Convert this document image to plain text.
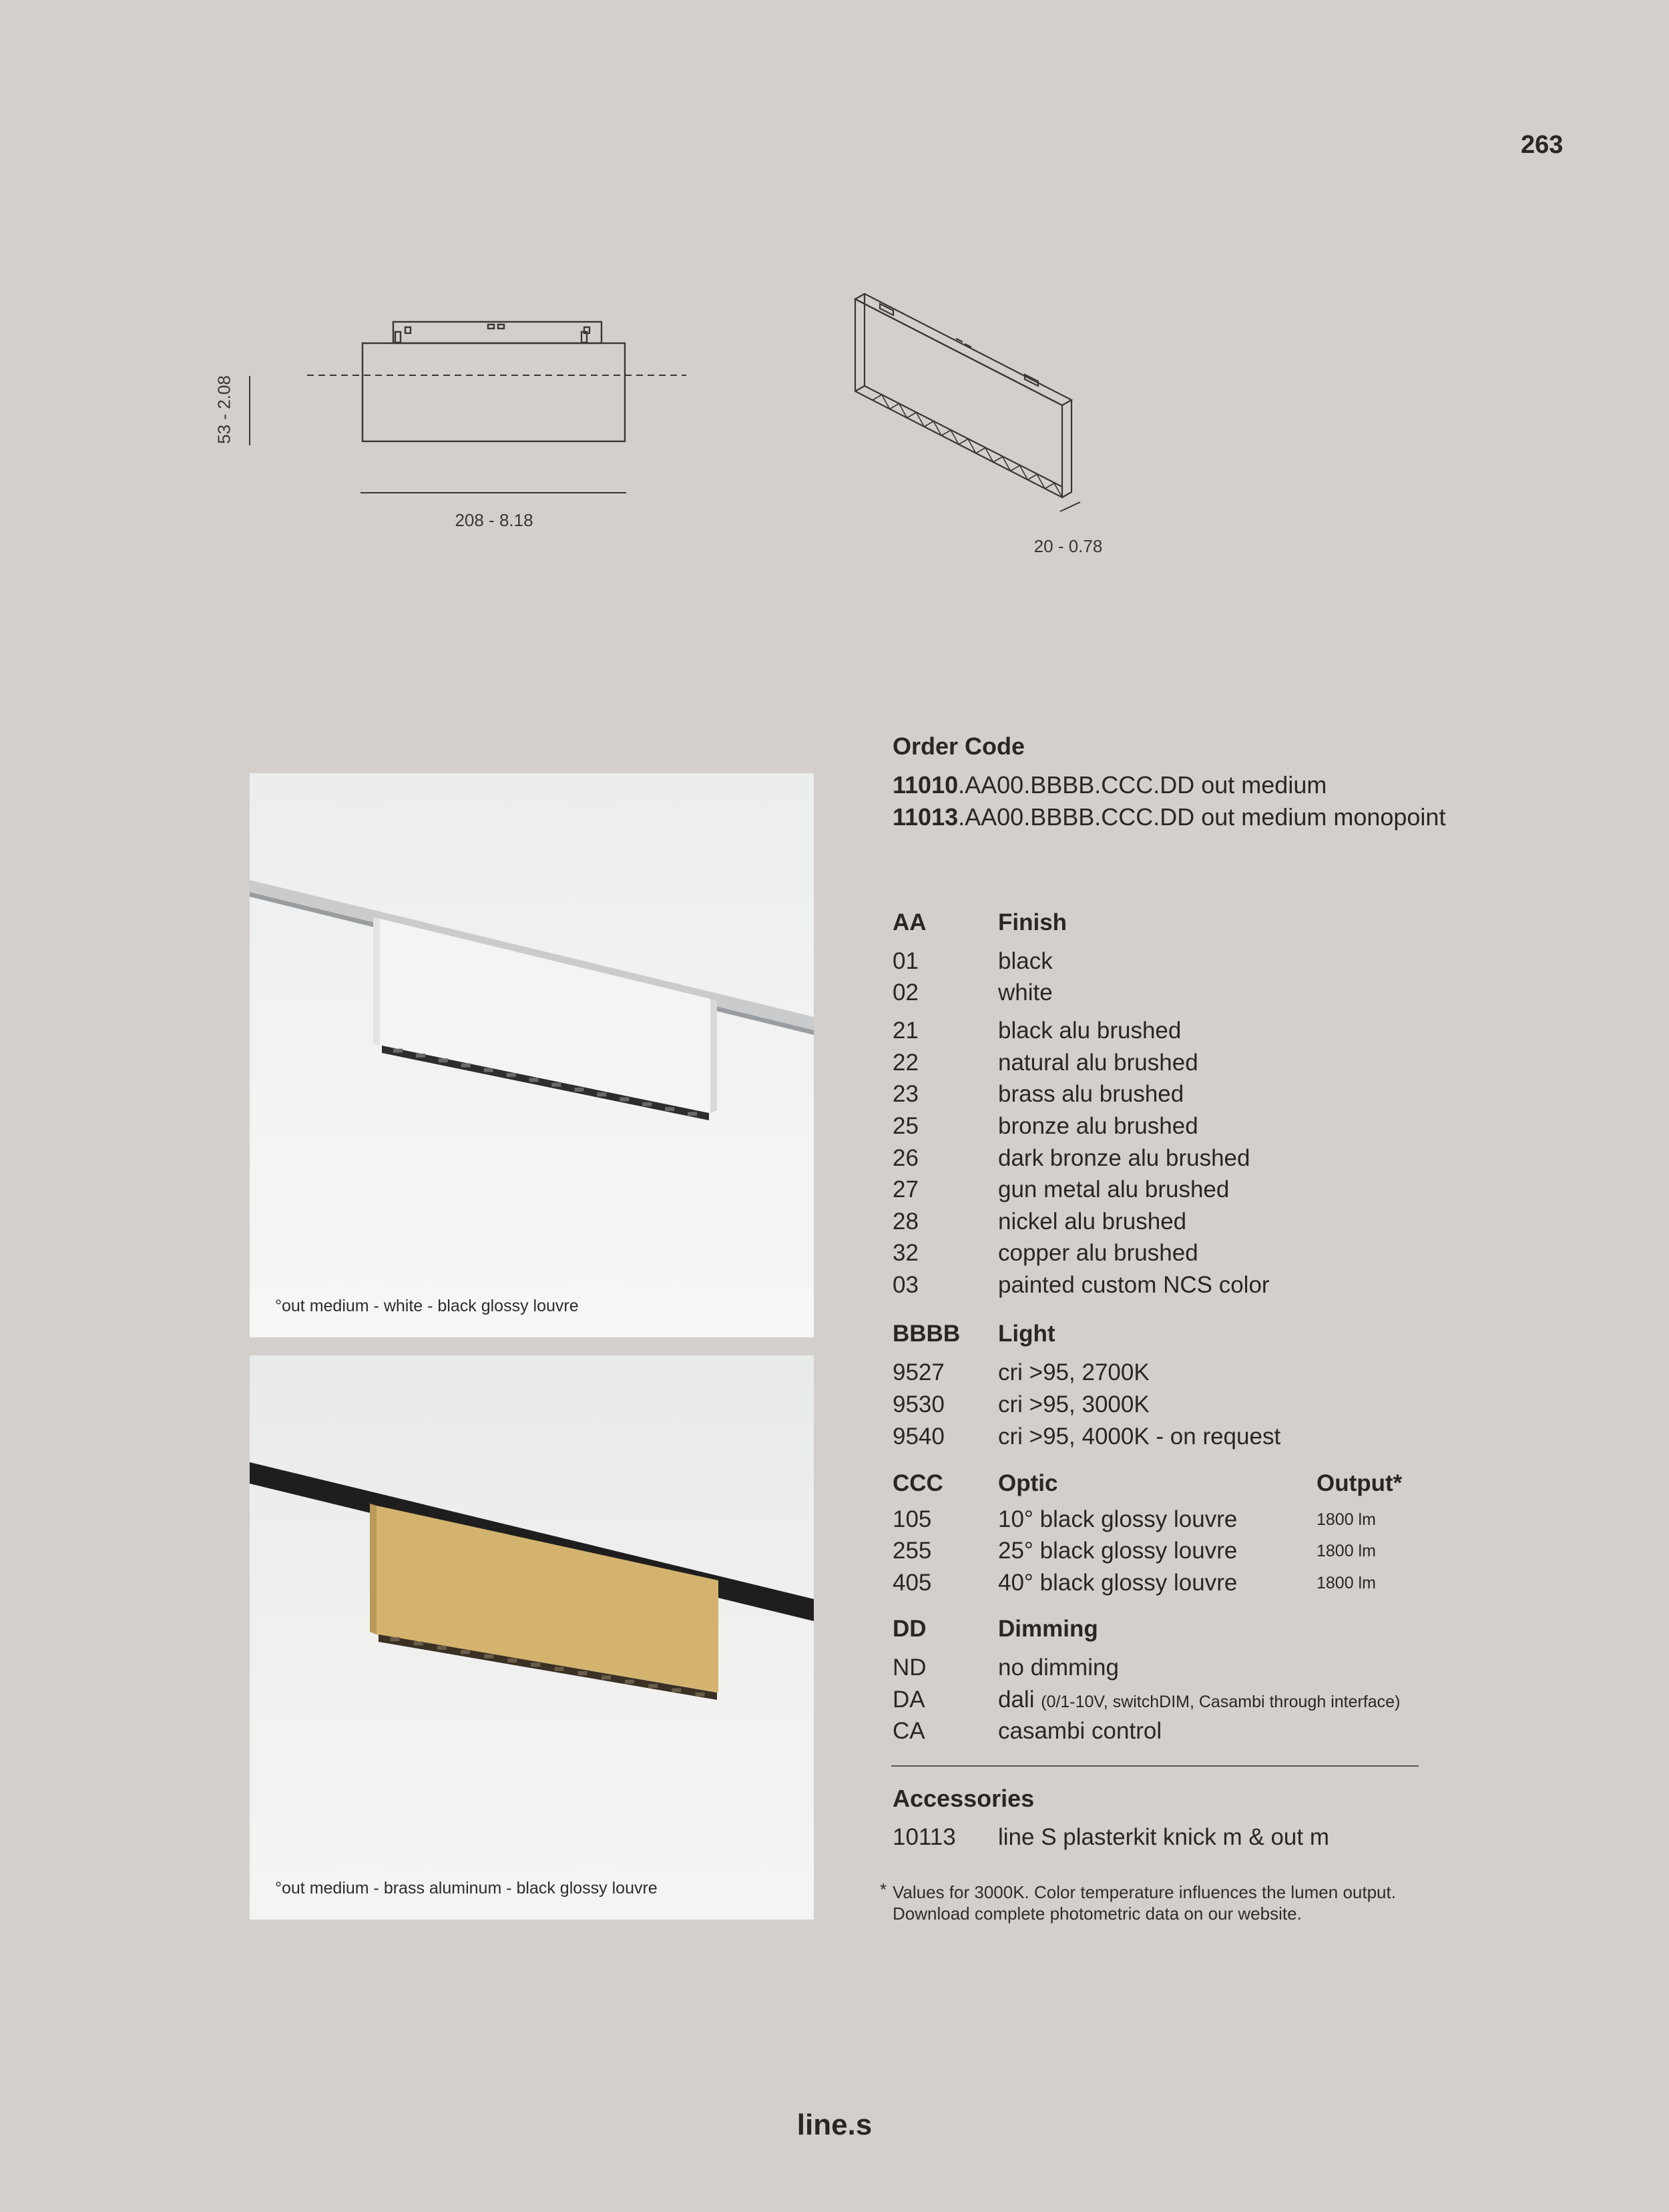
263
53 - 2.08
208 - 8.18
20 - 0.78
°out medium - white - black glossy louvre
°out medium - brass aluminum - black glossy louvre
Order Code
11010.AA00.BBBB.CCC.DD out medium
11013.AA00.BBBB.CCC.DD out medium monopoint
AA	Finish
01	black
02	white
21	black alu brushed
22	natural alu brushed
23	brass alu brushed
25	bronze alu brushed
26	dark bronze alu brushed
27	gun metal alu brushed
28	nickel alu brushed
32	copper alu brushed
03	painted custom NCS color
BBBB Light
9527 cri >95, 2700K
9530 cri >95, 3000K
9540 cri >95, 4000K - on request
CCC Optic	Output*
105	10° black glossy louvre	1800 lm
255	25° black glossy louvre	1800 lm
405	40° black glossy louvre	1800 lm
DD	Dimming
ND	no dimming
DA	dali (0/1-10V, switchDIM, Casambi through interface)
CA	casambi control
Accessories
10113 line S plasterkit knick m & out m
* Values for 3000K. Color temperature influences the lumen output.
Download complete photometric data on our website.
line.s
